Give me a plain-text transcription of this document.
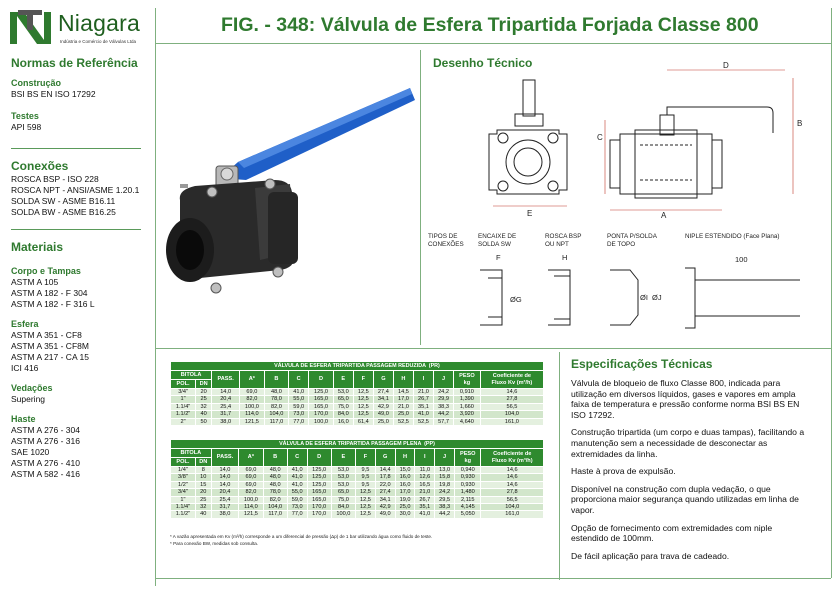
Niagara
Indústria e Comércio de Válvulas Ltda
FIG. - 348: Válvula de Esfera Tripartida Forjada Classe 800
Normas de Referência
Construção
BSI BS EN ISO 17292
Testes
API 598
Conexões
ROSCA BSP - ISO 228
ROSCA NPT - ANSI/ASME 1.20.1
SOLDA SW - ASME B16.11
SOLDA BW - ASME B16.25
Materiais
Corpo e Tampas
ASTM A 105
ASTM A 182 - F 304
ASTM A 182 - F 316 L
Esfera
ASTM A 351 - CF8
ASTM A 351 - CF8M
ASTM A 217 - CA 15
ICI 416
Vedações
Supering
Haste
ASTM A 276 - 304
ASTM A 276 - 316
SAE 1020
ASTM A 276 - 410
ASTM A 582 - 416
Desenho Técnico	D
B
C
A
E
TIPOS DE
CONEXÕES
ENCAIXE DE
SOLDA SW
ROSCA BSP
OU NPT
PONTA P/SOLDA
DE TOPO
NIPLE ESTENDIDO (Face Plana)
F
ØG
H
ØI ØJ
100
VÁLVULA DE ESFERA TRIPARTIDA PASSAGEM REDUZIDA  (PR)														
BITOLA		PASS.	A*	B	C	D	E	F	G	H	I	J	PESO
kg	Coeficiente de
Fluxo Kv (m³/h)
POL.	DN													
3/4"	20	14,0	69,0	48,0	41,0	125,0	53,0	12,5	27,4	14,5	21,0	24,2	0,910	14,6
1"	25	20,4	82,0	78,0	55,0	165,0	65,0	12,5	34,1	17,0	26,7	29,9	1,390	27,8
1.1/4"	32	25,4	100,0	82,0	59,0	165,0	75,0	12,5	42,9	21,0	35,1	38,3	1,660	56,5
1.1/2"	40	31,7	114,0	104,0	73,0	170,0	84,0	12,5	49,0	25,0	41,0	44,2	3,920	104,0
2"	50	38,0	121,5	117,0	77,0	100,0	16,0	61,4	25,0	52,5	52,5	57,7	4,640	161,0
VÁLVULA DE ESFERA TRIPARTIDA PASSAGEM PLENA  (PP)														
BITOLA		PASS.	A*	B	C	D	E	F	G	H	I	J	PESO
kg	Coeficiente de
Fluxo Kv (m³/h)
POL.	DN													
1/4"	8	14,0	69,0	48,0	41,0	125,0	53,0	9,5	14,4	15,0	11,0	13,0	0,940	14,6
3/8"	10	14,0	69,0	48,0	41,0	125,0	53,0	9,5	17,8	16,0	12,6	15,8	0,930	14,6
1/2"	15	14,0	69,0	48,0	41,0	125,0	53,0	9,5	22,0	16,0	16,5	19,8	0,930	14,6
3/4"	20	20,4	82,0	78,0	55,0	165,0	65,0	12,5	27,4	17,0	21,0	24,2	1,480	27,8
1"	25	25,4	100,0	82,0	59,0	165,0	75,0	12,5	34,1	19,0	26,7	29,5	2,115	56,5
1.1/4"	32	31,7	114,0	104,0	73,0	170,0	84,0	12,5	42,9	25,0	35,1	38,3	4,145	104,0
1.1/2"	40	38,0	121,5	117,0	77,0	170,0	100,0	12,5	49,0	30,0	41,0	44,2	5,050	161,0
* A vazão apresentada em Kv (m³/h) corresponde a um diferencial de pressão (Δp) de 1 bar utilizando água como fluido de teste.
* Para conexão BW, medidas sob consulta.
Especificações Técnicas

Válvula de bloqueio de fluxo Classe 800, indicada para utilização em diversos líquidos, gases e vapores em ampla faixa de temperatura e pressão conforme norma BSI BS EN ISO 17292.

Construção tripartida (um corpo e duas tampas), facilitando a manutenção sem a necessidade de desconectar as extremidades da linha.

Haste à prova de expulsão.

Disponível na construção com dupla vedação, o que proporciona maior segurança quando utilizadas em linha de vapor.

Opção de fornecimento com extremidades com niple estendido de 100mm.

De fácil aplicação para trava de cadeado.
